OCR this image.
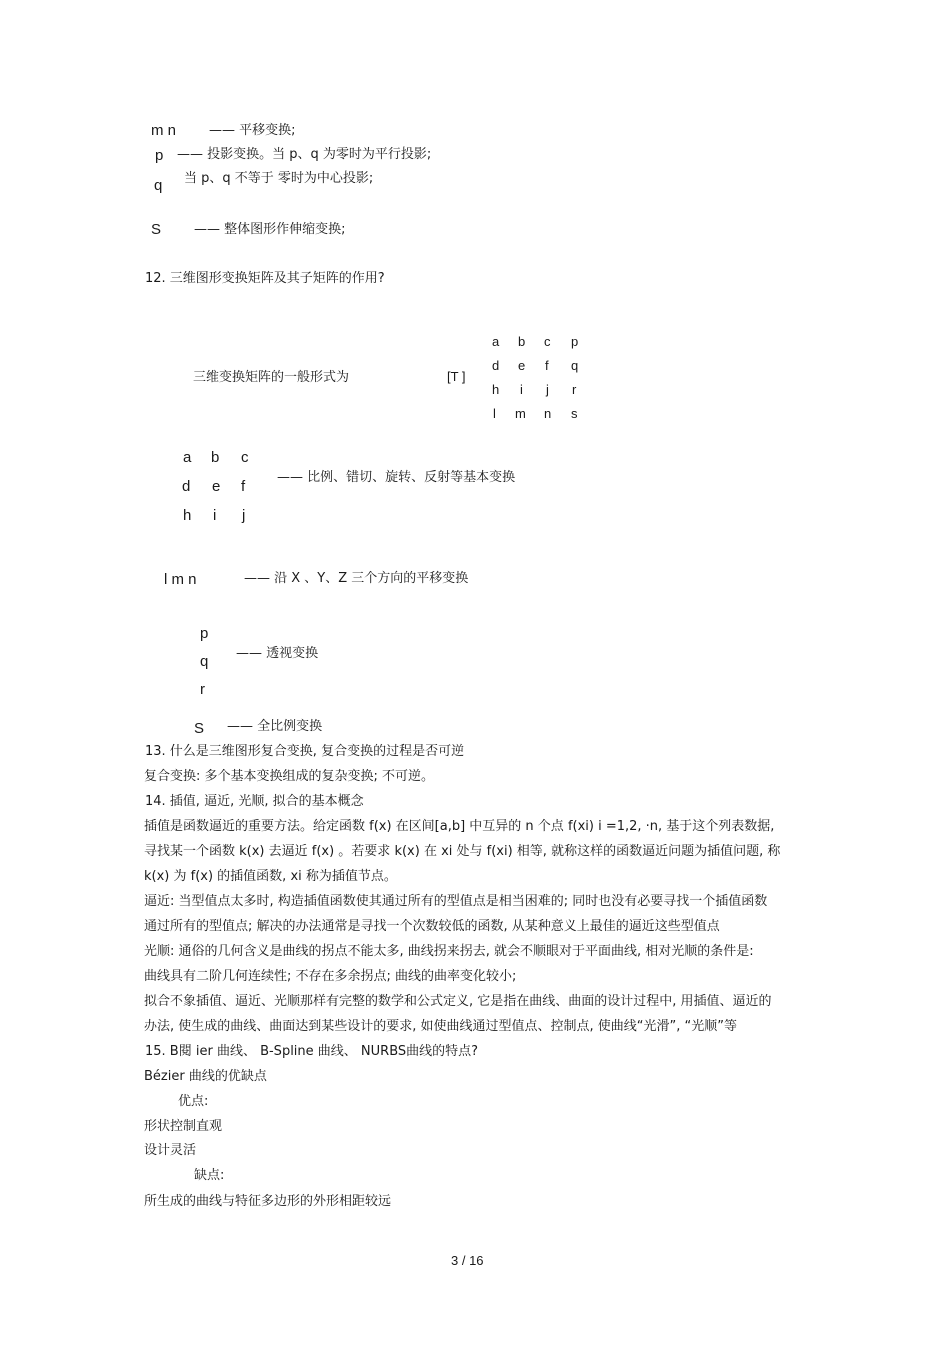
m n	—— 平移变换;
p —— 投影变换。当 p、q 为零时为平行投影;
q 当 p、q 不等于 零时为中心投影;
S	—— 整体图形作伸缩变换;
12. 三维图形变换矩阵及其子矩阵的作用?
三维变换矩阵的一般形式为	[T ]
a b c p
d e f q
h i j r
l m n s
a b c
d e f
h i j
—— 比例、错切、旋转、反射等基本变换
l m n	—— 沿 X 、Y、Z 三个方向的平移变换
p
q
r
—— 透视变换
S —— 全比例变换
13. 什么是三维图形复合变换, 复合变换的过程是否可逆
复合变换: 多个基本变换组成的复杂变换; 不可逆。
14. 插值, 逼近, 光顺, 拟合的基本概念
插值是函数逼近的重要方法。给定函数 f(x) 在区间[a,b] 中互异的 n 个点 f(xi) i =1,2, ·n, 基于这个列表数据,
寻找某一个函数 k(x) 去逼近 f(x) 。若要求 k(x) 在 xi 处与 f(xi) 相等, 就称这样的函数逼近问题为插值问题, 称
k(x) 为 f(x) 的插值函数, xi 称为插值节点。
逼近: 当型值点太多时, 构造插值函数使其通过所有的型值点是相当困难的; 同时也没有必要寻找一个插值函数
通过所有的型值点; 解决的办法通常是寻找一个次数较低的函数, 从某种意义上最佳的逼近这些型值点
光顺: 通俗的几何含义是曲线的拐点不能太多, 曲线拐来拐去, 就会不顺眼对于平面曲线, 相对光顺的条件是:
曲线具有二阶几何连续性; 不存在多余拐点; 曲线的曲率变化较小;
拟合不象插值、逼近、光顺那样有完整的数学和公式定义, 它是指在曲线、曲面的设计过程中, 用插值、逼近的
办法, 使生成的曲线、曲面达到某些设计的要求, 如使曲线通过型值点、控制点, 使曲线“光滑”, “光顺”等
15. B閱 ier 曲线、 B-Spline 曲线、 NURBS曲线的特点?
Bézier 曲线的优缺点
优点:
形状控制直观
设计灵活
缺点:
所生成的曲线与特征多边形的外形相距较远
3 / 16
